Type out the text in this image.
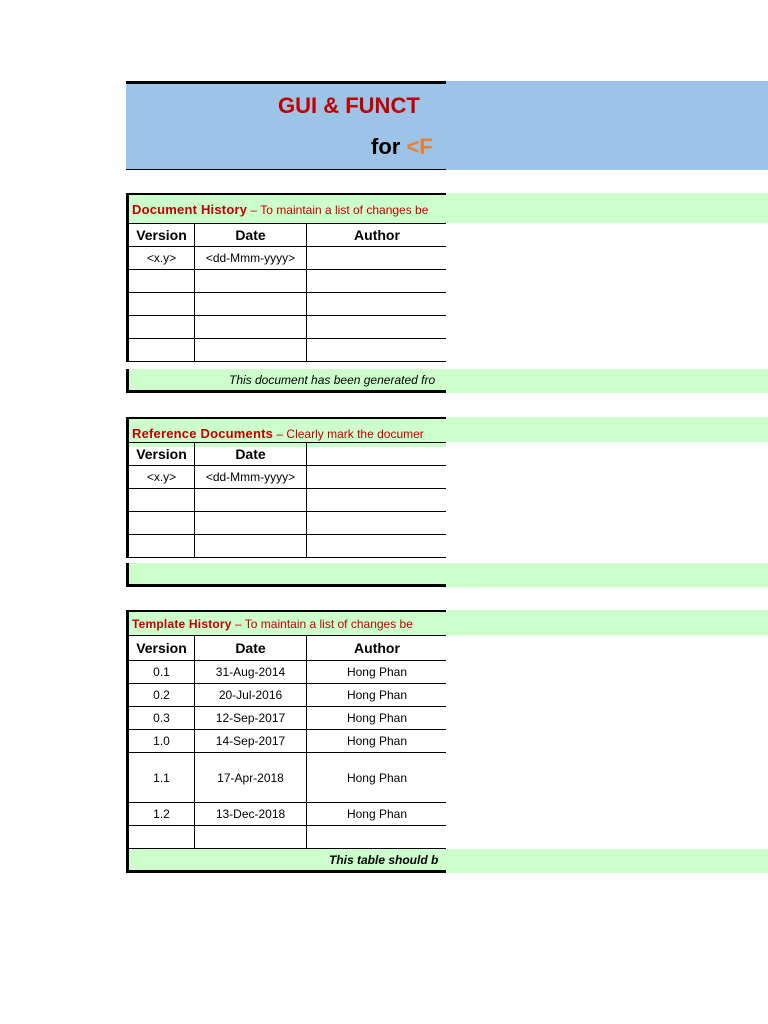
GUI & FUNCT
for <F
Document History – To maintain a list of changes be
Version	Date	Author
<x.y>	<dd-Mmm-yyyy>	

This document has been generated fro
Reference Documents – Clearly mark the documer
Version	Date	
<x.y>	<dd-Mmm-yyyy>	

Template History – To maintain a list of changes be
Version	Date	Author
0.1	31-Aug-2014	Hong Phan
0.2	20-Jul-2016	Hong Phan
0.3	12-Sep-2017	Hong Phan
1.0	14-Sep-2017	Hong Phan
1.1	17-Apr-2018	Hong Phan
1.2	13-Dec-2018	Hong Phan

This table should b
